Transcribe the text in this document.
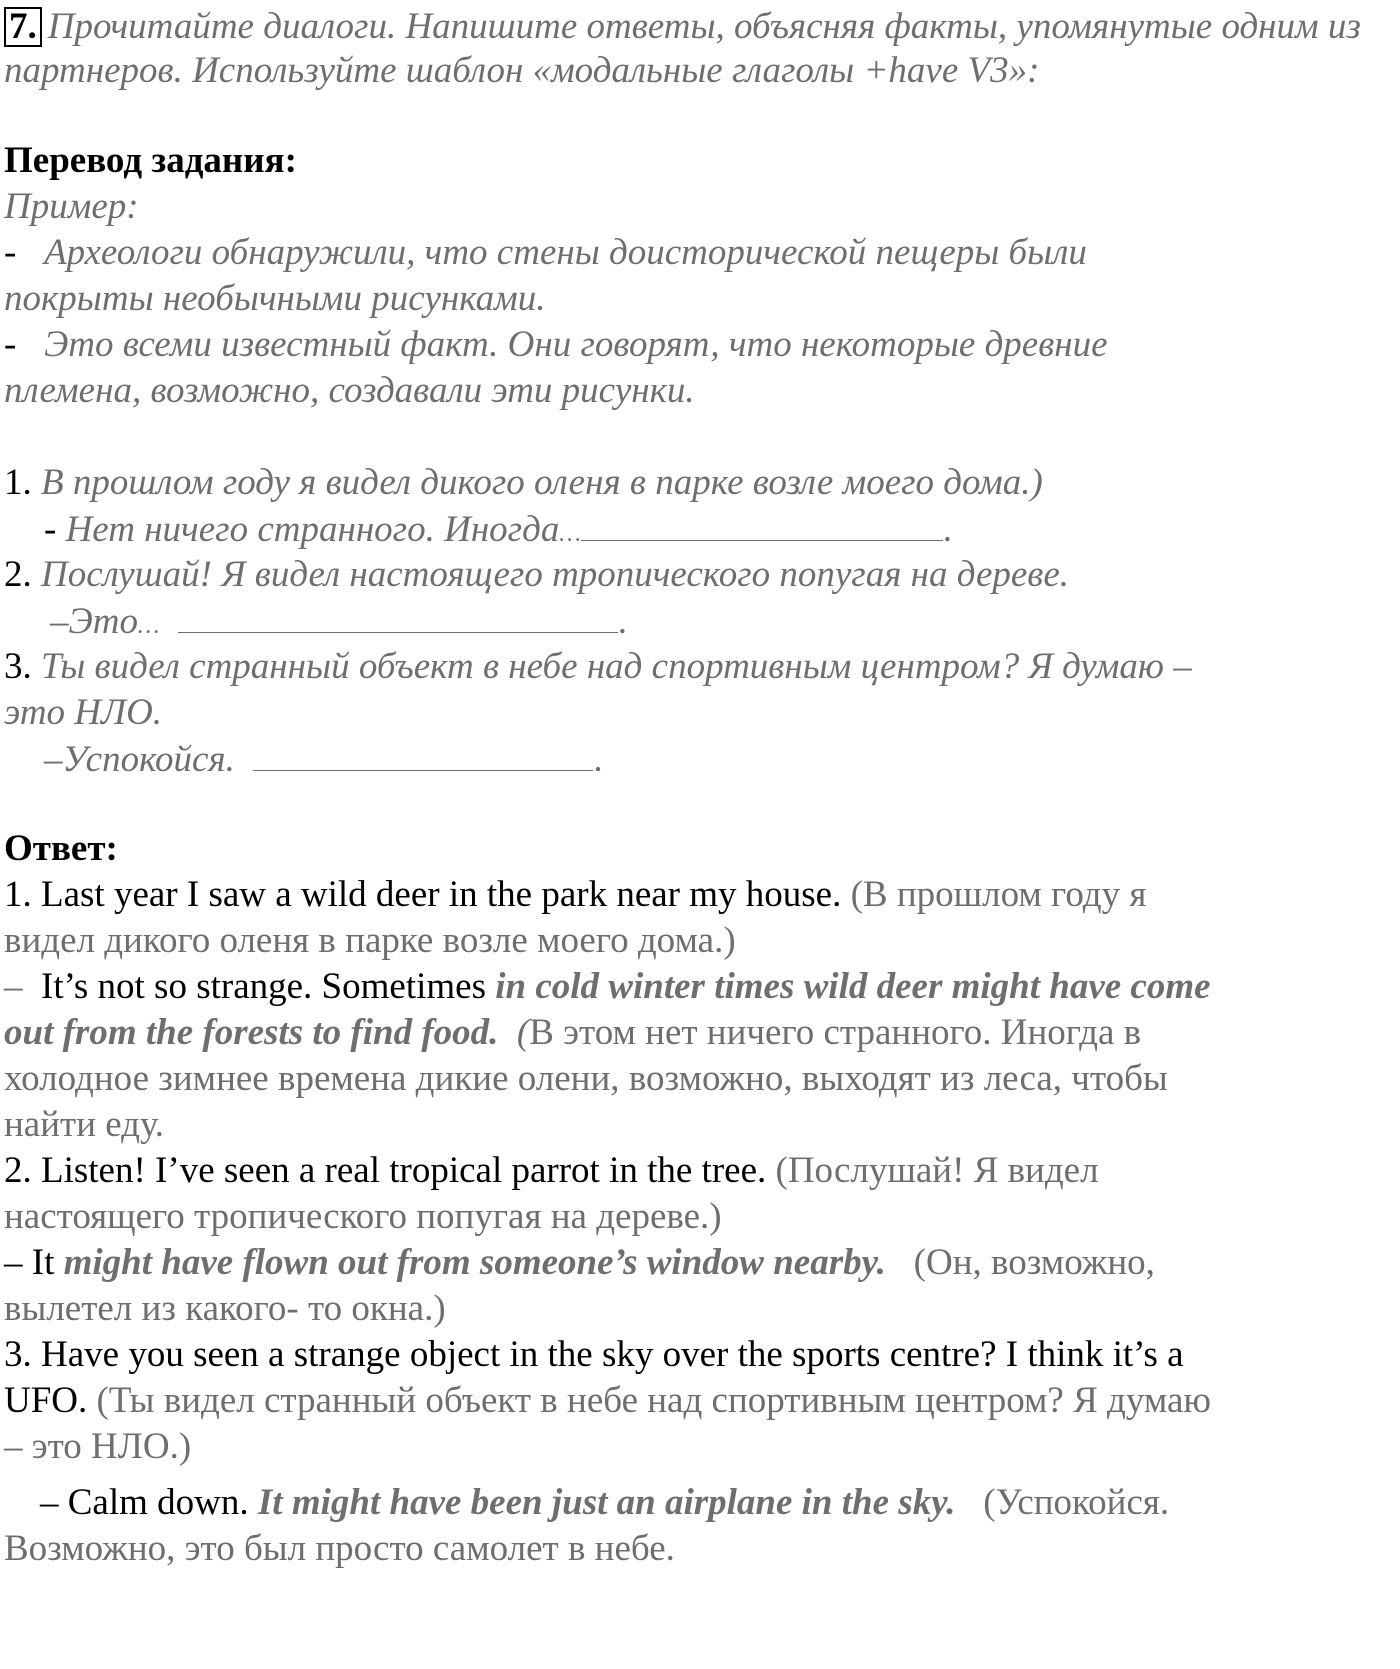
7. Прочитайте диалоги. Напишите ответы, объясняя факты, упомянутые одним из
партнеров. Используйте шаблон «модальные глаголы +have V3»:
Перевод задания:
Пример:
- Археологи обнаружили, что стены доисторической пещеры были
покрыты необычными рисунками.
- Это всеми известный факт. Они говорят, что некоторые древние
племена, возможно, создавали эти рисунки.
1. В прошлом году я видел дикого оленя в парке возле моего дома.)
- Нет ничего странного. Иногда…	.
2. Послушай! Я видел настоящего тропического попугая на дереве.
–Это…	.
3. Ты видел странный объект в небе над спортивным центром? Я думаю –
это НЛО.
–Успокойся.	.
Ответ:
1. Last year I saw a wild deer in the park near my house. (В прошлом году я
видел дикого оленя в парке возле моего дома.)
– It’s not so strange. Sometimes in cold winter times wild deer might have come
out from the forests to find food. (В этом нет ничего странного. Иногда в
холодное зимнее времена дикие олени, возможно, выходят из леса, чтобы
найти еду.
2. Listen! I’ve seen a real tropical parrot in the tree. (Послушай! Я видел
настоящего тропического попугая на дереве.)
– It might have flown out from someone’s window nearby. (Он, возможно,
вылетел из какого- то окна.)
3. Have you seen a strange object in the sky over the sports centre? I think it’s a
UFO. (Ты видел странный объект в небе над спортивным центром? Я думаю
– это НЛО.)
– Calm down. It might have been just an airplane in the sky. (Успокойся.
Возможно, это был просто самолет в небе.
